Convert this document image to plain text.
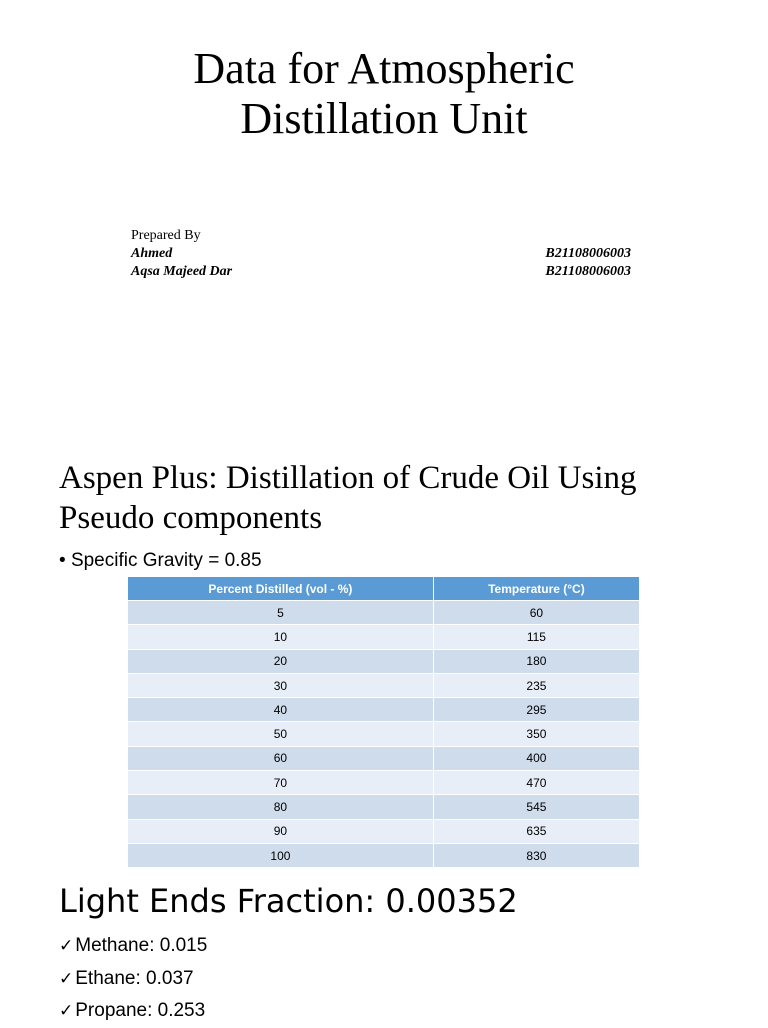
Data for Atmospheric
Distillation Unit
Prepared By
Ahmed	B21108006003
Aqsa Majeed Dar	B21108006003
Aspen Plus: Distillation of Crude Oil Using
Pseudo components
• Specific Gravity = 0.85
Percent Distilled (vol - %)	Temperature (°C)
5	60
10	115
20	180
30	235
40	295
50	350
60	400
70	470
80	545
90	635
100	830
Light Ends Fraction: 0.00352
✓ Methane: 0.015
✓ Ethane: 0.037
✓ Propane: 0.253
